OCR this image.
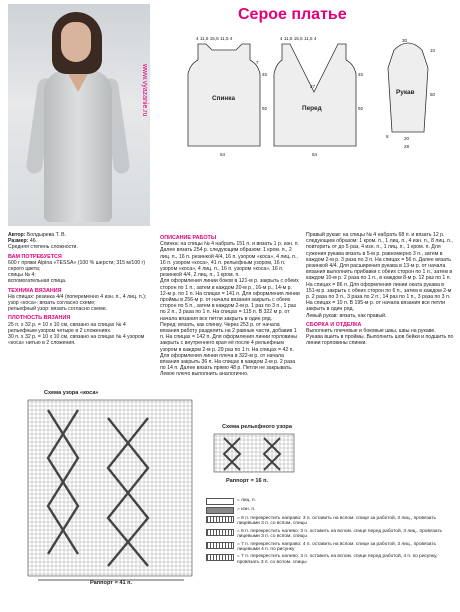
www.vyazanie.ru
Серое платье
4 11,5 15,5 11,5 4	4 11,5 15,5 11,5 4
7
45
92
54
45
92
27
54
30
10
50
20
8
28
Спинка
Перед
Рукав

Автор: Болдырева Т. В.

Размер: 46.

Средняя степень сложности.

ВАМ ПОТРЕБУЕТСЯ

600 г пряжи Alpina «TESSA» (100 % шерсти; 315 м/100 г) серого цвета;

спицы № 4;

вспомогательная спица.

ТЕХНИКА ВЯЗАНИЯ

На спицах: резинка 4/4 (попеременно 4 изн. п., 4 лиц. п.);

узор «коса»: вязать согласно схеме;

рельефный узор: вязать согласно схеме.

ПЛОТНОСТЬ ВЯЗАНИЯ

25 п. х 32 р. = 10 х 10 см, связано на спицах № 4 рельефным узором четыре в 2 сложениях.

30 п. х 32 р. = 10 х 10 см, связано на спицах № 4 узором «коса» нитью в 2 сложения.

ОПИСАНИЕ РАБОТЫ

Спинка: на спицы № 4 набрать 151 п. и вязать 1 р. изн. п. Далее вязать 254 р. следующим образом: 1 кром. п., 2 лиц. п., 16 п. резинкой 4/4, 16 п. узором «коса», 4 лиц. п., 16 п. узором «коса», 41 п. рельефным узором, 16 п. узором «коса», 4 лиц. п., 16 п. узором «коса», 16 п. резинкой 4/4, 2 лиц. п., 1 кром. п.

Для оформления линии боков в 121-м р. закрыть с обеих сторон по 1 п., затем в каждом 20-м р., 16-м р., 14-м р. 12-м р. по 1 п. На спицах = 141 п. Для оформления линии проймы в 256-м р. от начала вязания закрыть с обеих сторон по 5 п., затем в каждом 2-м р. 1 раз по 3 п., 1 раз по 2 п., 3 раза по 1 п. На спицах = 115 п. В 322 м р. от начала вязания все петли закрыть в один ряд.

Перед: вязать, как спинку. Через 253 р. от начала вязания работу разделить на 2 равные части, добавив 1 п. На спицах = 142 п. Для оформления линии горловины закрыть с внутреннего края её после 4 рельефным узором в каждом 2-м р. 29 раз по 1 п. На спицах = 42 п. Для оформления линии плеча в 322-м р. от начала вязания закрыть 36 п. На спицах в каждом 2-м р. 2 раза по 14 п. Далее вязать прямо 48 р. Петли не закрывать. Левое плечо выполнить аналогично.

Правый рукав: на спицы № 4 набрать 68 п. и вязать 12 р. следующим образом: 1 кром. п., 1 лиц. п., 4 изн. п., 8 лиц. п., повторить от до 5 раз, 4 изн. п., 1 лиц. п., 1 кром. п. Для сужения рукава вязать в 5-м р. равномерно 3 п., затем в каждом 2-м р. 3 раза по 3 п. На спицах = 56 п. Далее вязать резинкой 4/4. Для расширения рукава в 13-м р. от начала вязания выполнить прибавки с обеих сторон по 1 п., затем в каждом 10-м р. 2 раза по 1 п., в каждом 8-м р. 12 раз по 1 п. На спицах = 86 п. Для оформления линии оката рукава в 151-м р. закрыть с обеих сторон по 6 п., затем в каждом 2-м р. 2 раза по 3 п., 3 раза по 2 п., 14 раз по 1 п., 3 раза по 3 п. На спицах = 10 п. В 195-м р. от начала вязания все петли закрыть в один ряд.

Левый рукав: вязать, как правый.

СБОРКА И ОТДЕЛКА

Выполнить плечевые и боковые швы, швы на рукаве. Рукава вшить в проймы. Выполнить шов бейки и подшить по линии горловины спинки.

Схема узора «коса»
Раппорт = 41 п.
Схема рельефного узора
Раппорт = 16 п.
= лиц. п.
= изн. п.
= 6 п. перекрестить направо: 3 п. оставить на вспом. спице за работой, 3 лиц., провязать лицевыми 3 п. со вспом. спицы
= 6 п. перекрестить налево: 3 п. оставить на вспом. спице перед работой, 3 лиц., провязать лицевыми 3 п. со вспом. спицы
= 7 п. перекрестить направо: 4 п. оставить на вспом. спице за работой, 3 лиц., провязать лицевыми 4 п. по рисунку
= 7 п. перекрестить налево: 3 п. оставить на вспом. спице перед работой, 4 п. по рисунку, провязать 3 п. со вспом. спицы
